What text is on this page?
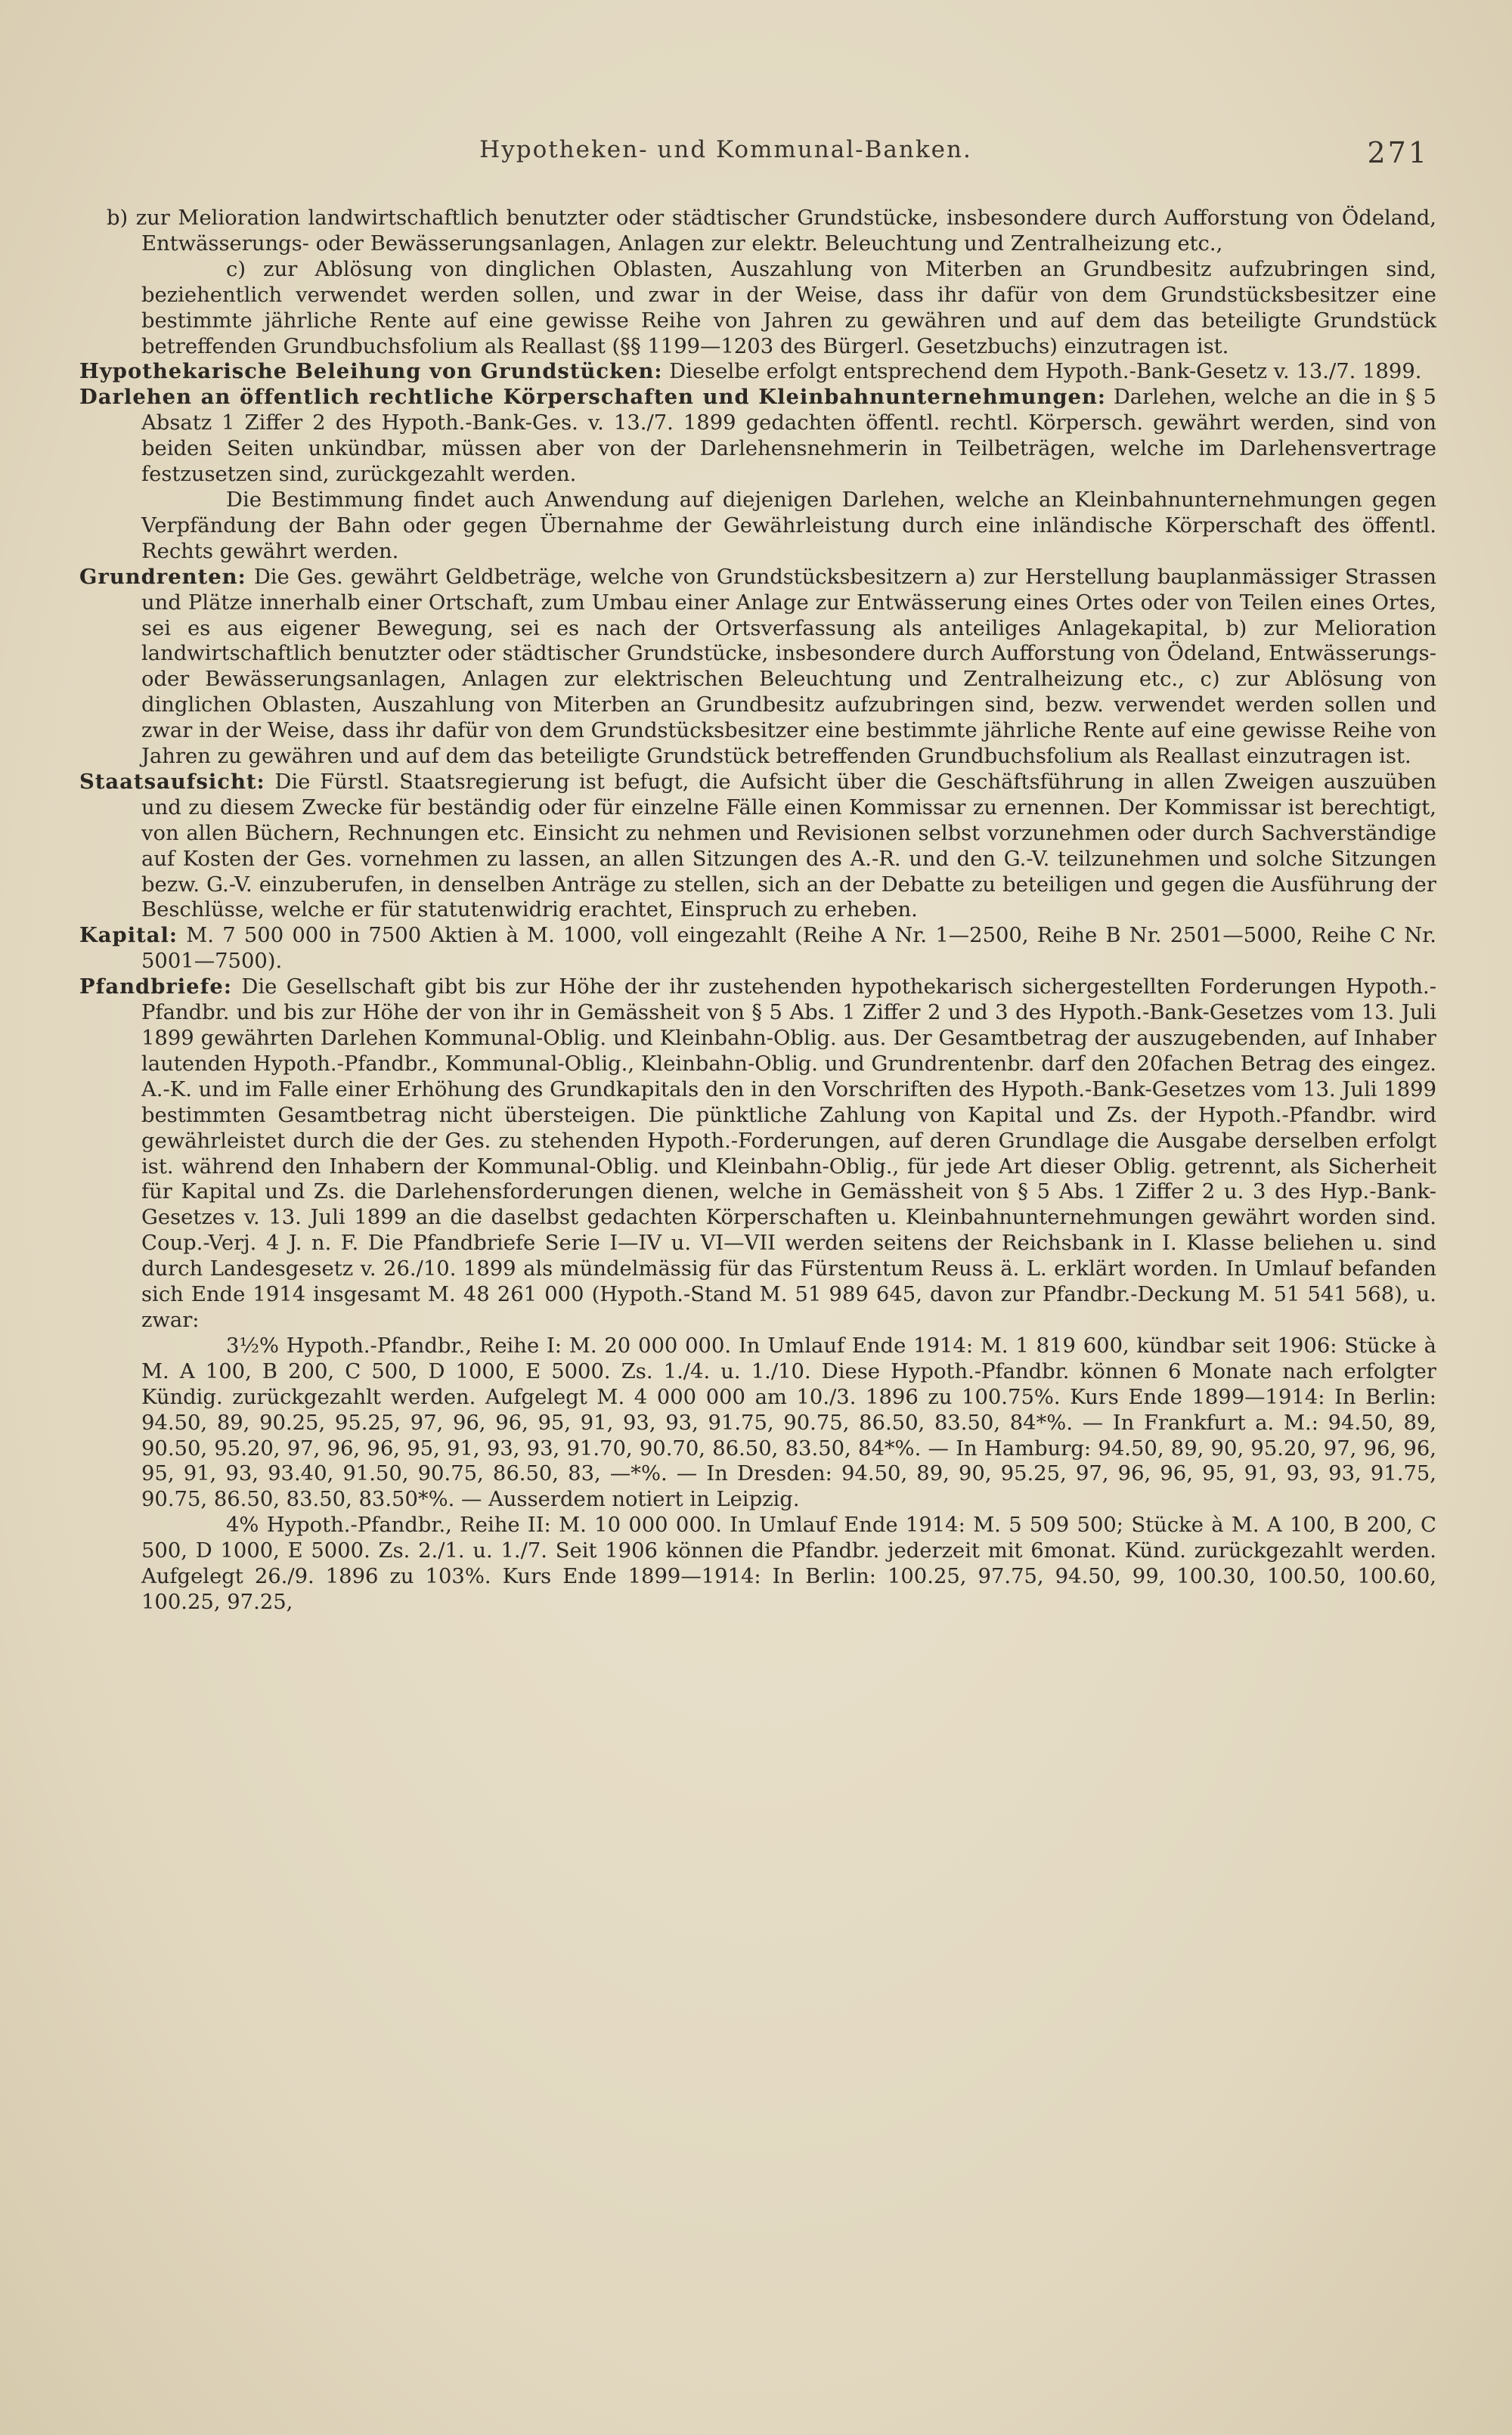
Hypotheken- und Kommunal-Banken.	271

b) zur Melioration landwirtschaftlich benutzter oder städtischer Grundstücke, insbesondere durch Aufforstung von Ödeland, Entwässerungs- oder Bewässerungsanlagen, Anlagen zur elektr. Beleuchtung und Zentralheizung etc.,

c) zur Ablösung von dinglichen Oblasten, Auszahlung von Miterben an Grundbesitz aufzubringen sind, beziehentlich verwendet werden sollen, und zwar in der Weise, dass ihr dafür von dem Grundstücksbesitzer eine bestimmte jährliche Rente auf eine gewisse Reihe von Jahren zu gewähren und auf dem das beteiligte Grundstück betreffenden Grundbuchsfolium als Reallast (§§ 1199—1203 des Bürgerl. Gesetzbuchs) einzutragen ist.

Hypothekarische Beleihung von Grundstücken: Dieselbe erfolgt entsprechend dem Hypoth.-Bank-Gesetz v. 13./7. 1899.

Darlehen an öffentlich rechtliche Körperschaften und Kleinbahnunternehmungen: Darlehen, welche an die in § 5 Absatz 1 Ziffer 2 des Hypoth.-Bank-Ges. v. 13./7. 1899 gedachten öffentl. rechtl. Körpersch. gewährt werden, sind von beiden Seiten unkündbar, müssen aber von der Darlehensnehmerin in Teilbeträgen, welche im Darlehensvertrage festzusetzen sind, zurückgezahlt werden.

Die Bestimmung findet auch Anwendung auf diejenigen Darlehen, welche an Kleinbahnunternehmungen gegen Verpfändung der Bahn oder gegen Übernahme der Gewährleistung durch eine inländische Körperschaft des öffentl. Rechts gewährt werden.

Grundrenten: Die Ges. gewährt Geldbeträge, welche von Grundstücksbesitzern a) zur Herstellung bauplanmässiger Strassen und Plätze innerhalb einer Ortschaft, zum Umbau einer Anlage zur Entwässerung eines Ortes oder von Teilen eines Ortes, sei es aus eigener Bewegung, sei es nach der Ortsverfassung als anteiliges Anlagekapital, b) zur Melioration landwirtschaftlich benutzter oder städtischer Grundstücke, insbesondere durch Aufforstung von Ödeland, Entwässerungs- oder Bewässerungsanlagen, Anlagen zur elektrischen Beleuchtung und Zentralheizung etc., c) zur Ablösung von dinglichen Oblasten, Auszahlung von Miterben an Grundbesitz aufzubringen sind, bezw. verwendet werden sollen und zwar in der Weise, dass ihr dafür von dem Grundstücksbesitzer eine bestimmte jährliche Rente auf eine gewisse Reihe von Jahren zu gewähren und auf dem das beteiligte Grundstück betreffenden Grundbuchsfolium als Reallast einzutragen ist.

Staatsaufsicht: Die Fürstl. Staatsregierung ist befugt, die Aufsicht über die Geschäftsführung in allen Zweigen auszuüben und zu diesem Zwecke für beständig oder für einzelne Fälle einen Kommissar zu ernennen. Der Kommissar ist berechtigt, von allen Büchern, Rechnungen etc. Einsicht zu nehmen und Revisionen selbst vorzunehmen oder durch Sachverständige auf Kosten der Ges. vornehmen zu lassen, an allen Sitzungen des A.-R. und den G.-V. teilzunehmen und solche Sitzungen bezw. G.-V. einzuberufen, in denselben Anträge zu stellen, sich an der Debatte zu beteiligen und gegen die Ausführung der Beschlüsse, welche er für statutenwidrig erachtet, Einspruch zu erheben.

Kapital: M. 7 500 000 in 7500 Aktien à M. 1000, voll eingezahlt (Reihe A Nr. 1—2500, Reihe B Nr. 2501—5000, Reihe C Nr. 5001—7500).

Pfandbriefe: Die Gesellschaft gibt bis zur Höhe der ihr zustehenden hypothekarisch sichergestellten Forderungen Hypoth.-Pfandbr. und bis zur Höhe der von ihr in Gemässheit von § 5 Abs. 1 Ziffer 2 und 3 des Hypoth.-Bank-Gesetzes vom 13. Juli 1899 gewährten Darlehen Kommunal-Oblig. und Kleinbahn-Oblig. aus. Der Gesamtbetrag der auszugebenden, auf Inhaber lautenden Hypoth.-Pfandbr., Kommunal-Oblig., Kleinbahn-Oblig. und Grundrentenbr. darf den 20fachen Betrag des eingez. A.-K. und im Falle einer Erhöhung des Grundkapitals den in den Vorschriften des Hypoth.-Bank-Gesetzes vom 13. Juli 1899 bestimmten Gesamtbetrag nicht übersteigen. Die pünktliche Zahlung von Kapital und Zs. der Hypoth.-Pfandbr. wird gewährleistet durch die der Ges. zu stehenden Hypoth.-Forderungen, auf deren Grundlage die Ausgabe derselben erfolgt ist. während den Inhabern der Kommunal-Oblig. und Kleinbahn-Oblig., für jede Art dieser Oblig. getrennt, als Sicherheit für Kapital und Zs. die Darlehensforderungen dienen, welche in Gemässheit von § 5 Abs. 1 Ziffer 2 u. 3 des Hyp.-Bank-Gesetzes v. 13. Juli 1899 an die daselbst gedachten Körperschaften u. Kleinbahnunternehmungen gewährt worden sind. Coup.-Verj. 4 J. n. F. Die Pfandbriefe Serie I—IV u. VI—VII werden seitens der Reichsbank in I. Klasse beliehen u. sind durch Landesgesetz v. 26./10. 1899 als mündelmässig für das Fürstentum Reuss ä. L. erklärt worden. In Umlauf befanden sich Ende 1914 insgesamt M. 48 261 000 (Hypoth.-Stand M. 51 989 645, davon zur Pfandbr.-Deckung M. 51 541 568), u. zwar:

3½% Hypoth.-Pfandbr., Reihe I: M. 20 000 000. In Umlauf Ende 1914: M. 1 819 600, kündbar seit 1906: Stücke à M. A 100, B 200, C 500, D 1000, E 5000. Zs. 1./4. u. 1./10. Diese Hypoth.-Pfandbr. können 6 Monate nach erfolgter Kündig. zurückgezahlt werden. Aufgelegt M. 4 000 000 am 10./3. 1896 zu 100.75%. Kurs Ende 1899—1914: In Berlin: 94.50, 89, 90.25, 95.25, 97, 96, 96, 95, 91, 93, 93, 91.75, 90.75, 86.50, 83.50, 84*%. — In Frankfurt a. M.: 94.50, 89, 90.50, 95.20, 97, 96, 96, 95, 91, 93, 93, 91.70, 90.70, 86.50, 83.50, 84*%. — In Hamburg: 94.50, 89, 90, 95.20, 97, 96, 96, 95, 91, 93, 93.40, 91.50, 90.75, 86.50, 83, —*%. — In Dresden: 94.50, 89, 90, 95.25, 97, 96, 96, 95, 91, 93, 93, 91.75, 90.75, 86.50, 83.50, 83.50*%. — Ausserdem notiert in Leipzig.

4% Hypoth.-Pfandbr., Reihe II: M. 10 000 000. In Umlauf Ende 1914: M. 5 509 500; Stücke à M. A 100, B 200, C 500, D 1000, E 5000. Zs. 2./1. u. 1./7. Seit 1906 können die Pfandbr. jederzeit mit 6monat. Künd. zurückgezahlt werden. Aufgelegt 26./9. 1896 zu 103%. Kurs Ende 1899—1914: In Berlin: 100.25, 97.75, 94.50, 99, 100.30, 100.50, 100.60, 100.25, 97.25,
